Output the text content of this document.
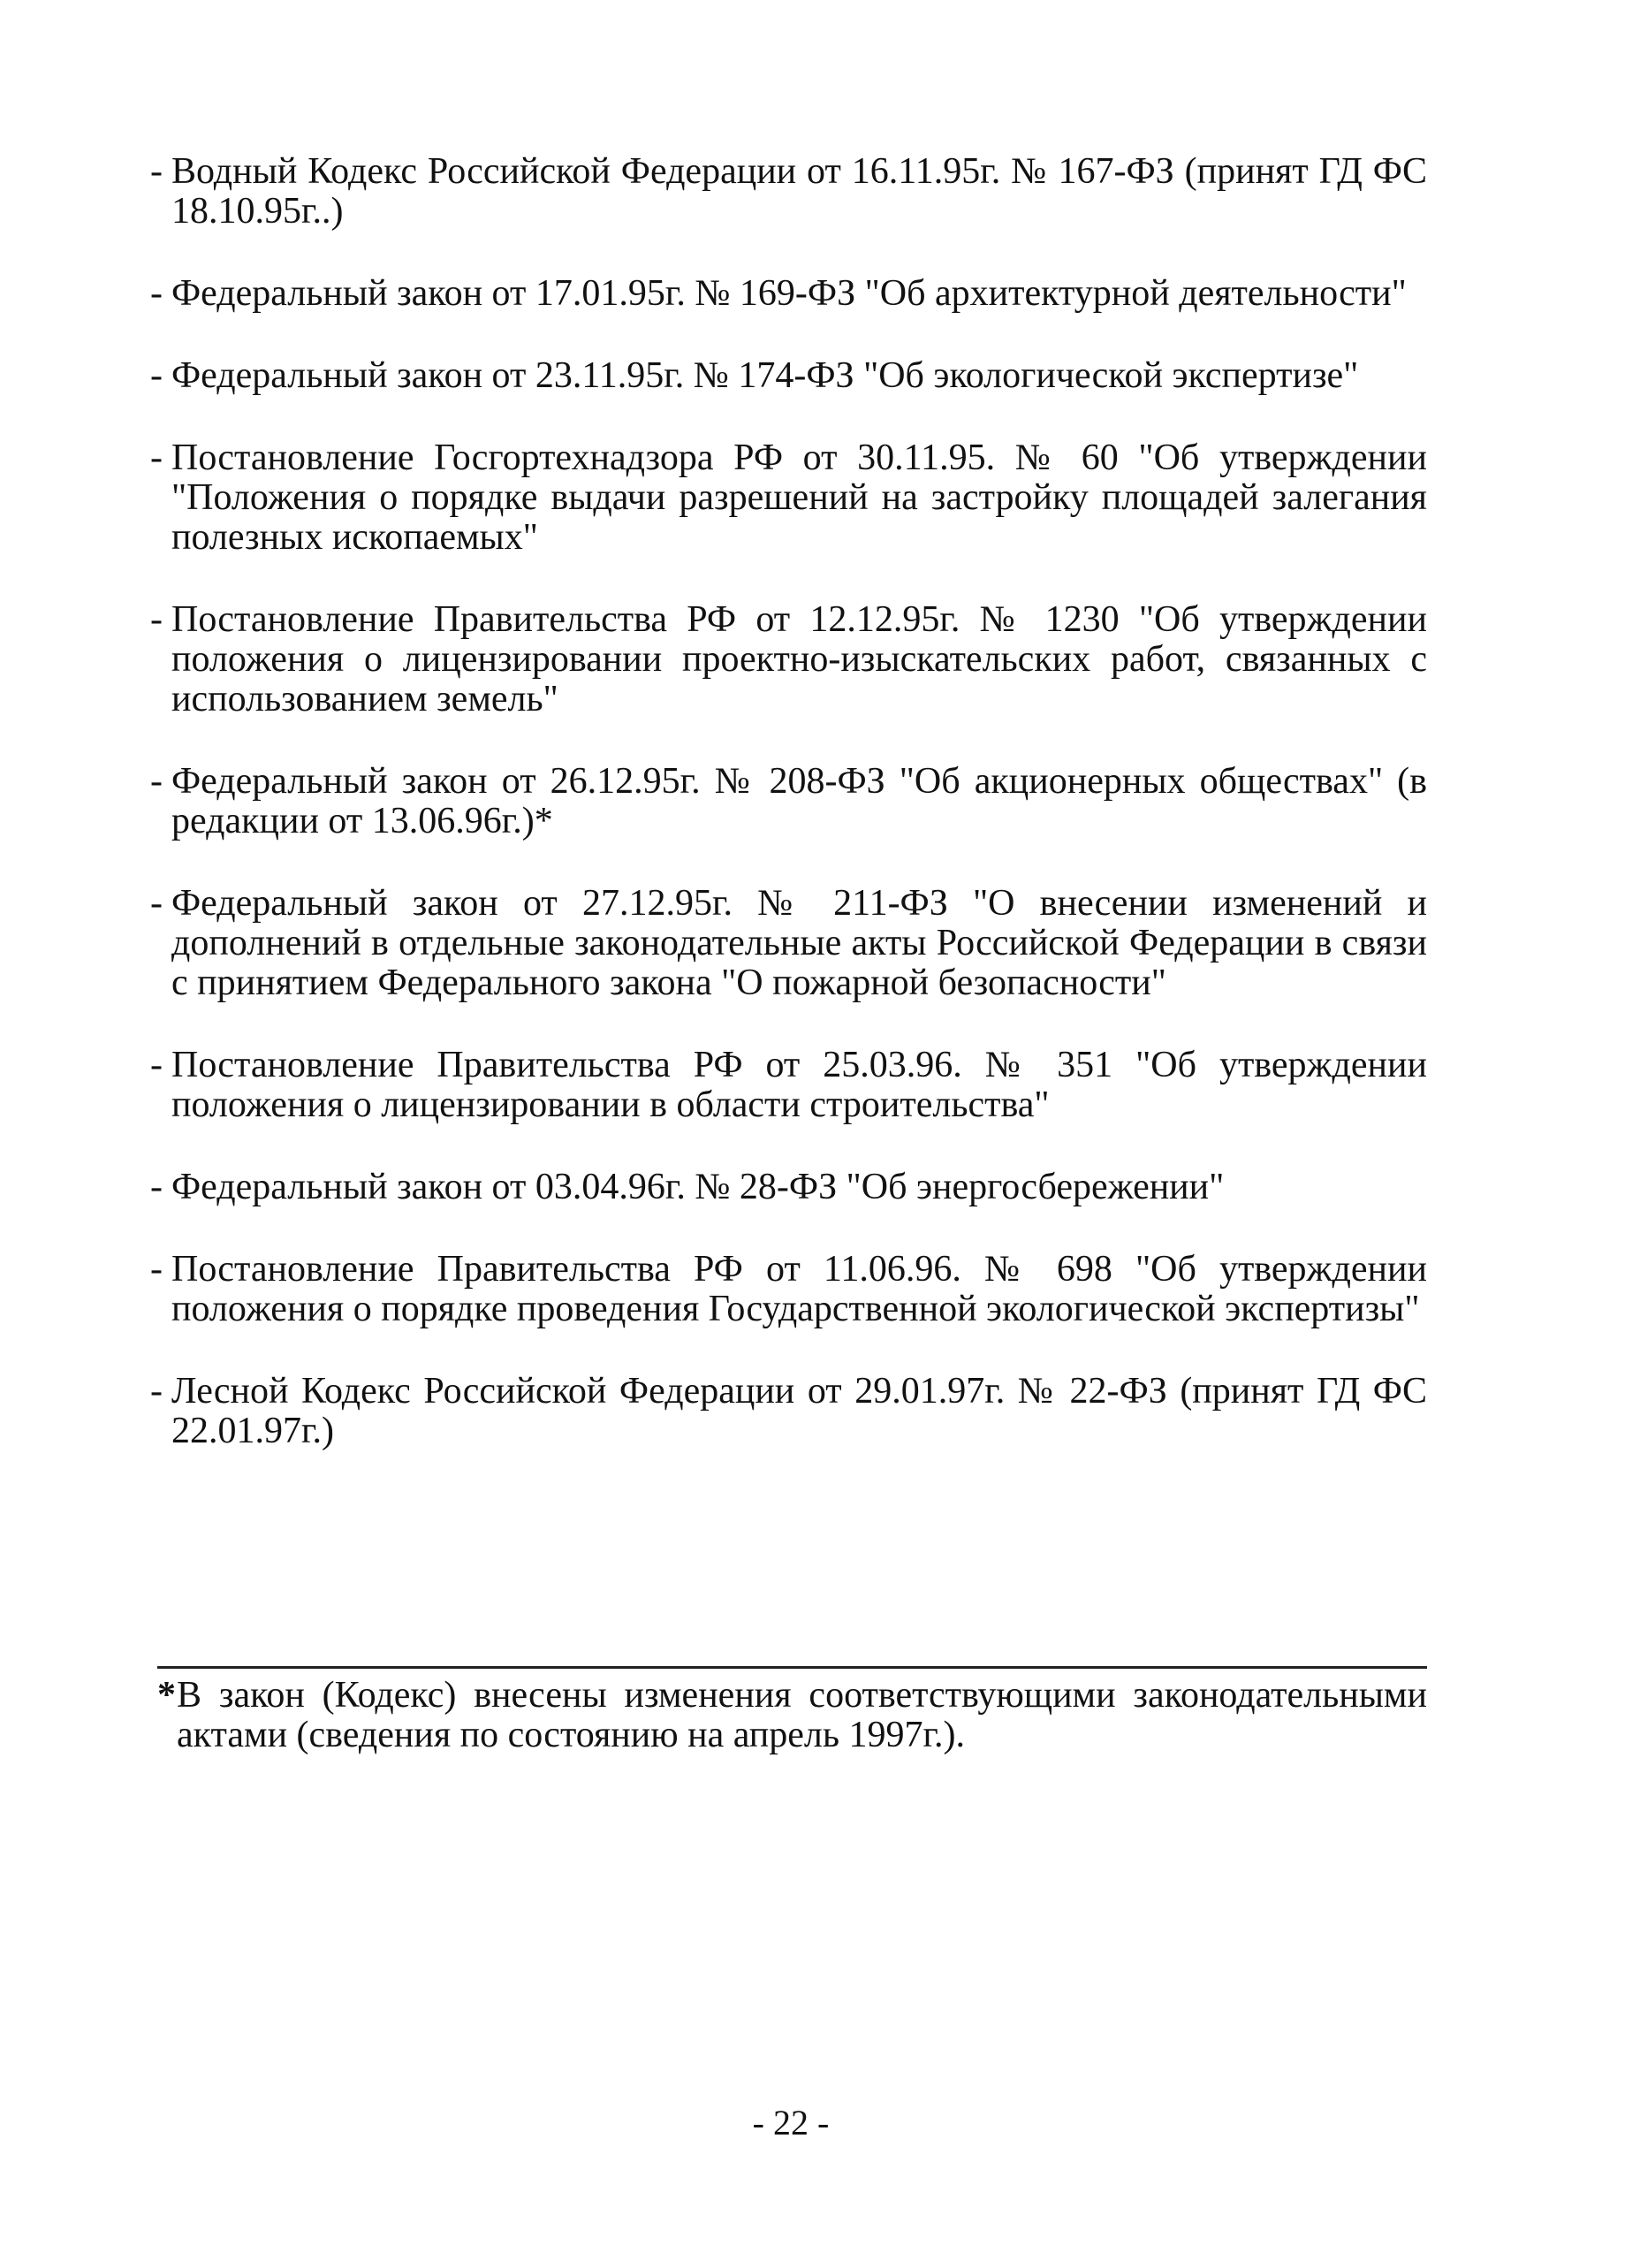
- Водный Кодекс Российской Федерации от 16.11.95г. № 167-ФЗ (принят ГД ФС 18.10.95г..)
- Федеральный закон от 17.01.95г. № 169-ФЗ "Об архитектурной деятельности"
- Федеральный закон от 23.11.95г. № 174-ФЗ "Об экологической экспертизе"
- Постановление Госгортехнадзора РФ от 30.11.95. № 60 "Об утверждении "Положения о порядке выдачи разрешений на застройку площадей залегания полезных ископаемых"
- Постановление Правительства РФ от 12.12.95г. № 1230 "Об утверждении положения о лицензировании проектно-изыскательских работ, связанных с использованием земель"
- Федеральный закон от 26.12.95г. № 208-ФЗ "Об акционерных обществах" (в редакции от 13.06.96г.)*
- Федеральный закон от 27.12.95г. № 211-ФЗ "О внесении изменений и дополнений в отдельные законодательные акты Российской Федерации в связи с принятием Федерального закона "О пожарной безопасности"
- Постановление Правительства РФ от 25.03.96. № 351 "Об утверждении положения о лицензировании в области строительства"
- Федеральный закон от 03.04.96г. № 28-ФЗ "Об энергосбережении"
- Постановление Правительства РФ от 11.06.96. № 698 "Об утверждении положения о порядке проведения Государственной экологической экспертизы"
- Лесной Кодекс Российской Федерации от 29.01.97г. № 22-ФЗ (принят ГД ФС 22.01.97г.)
* В закон (Кодекс) внесены изменения соответствующими законодательными актами (сведения по состоянию на апрель 1997г.).
- 22 -
